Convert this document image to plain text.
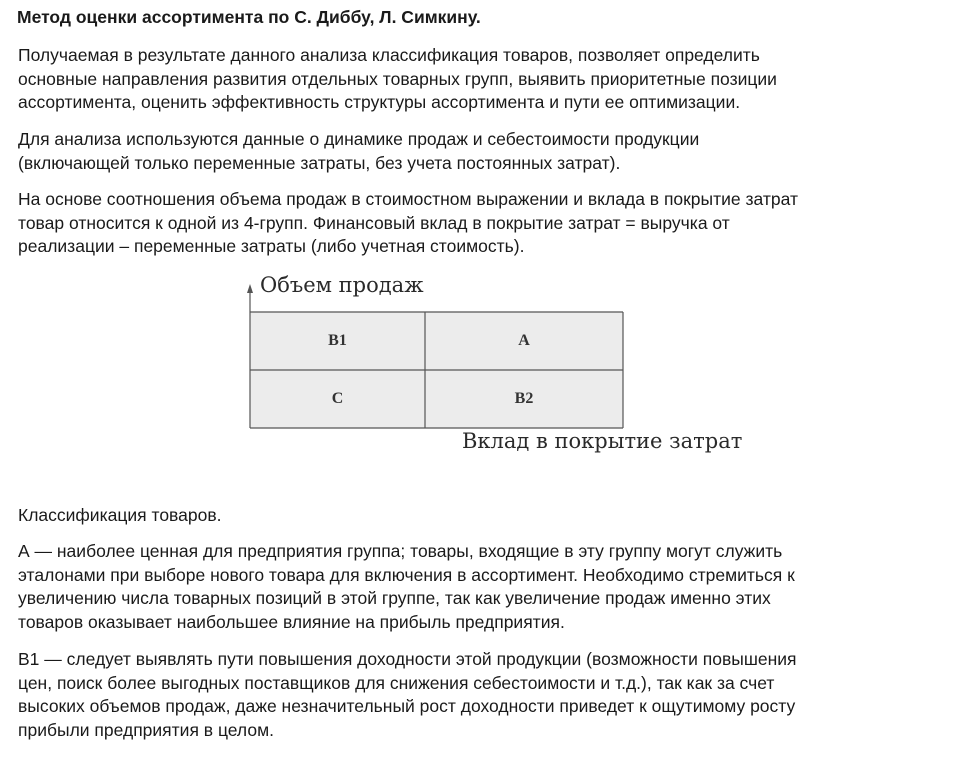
Метод оценки ассортимента по С. Диббу, Л. Симкину.

Получаемая в результате данного анализа классификация товаров, позволяет определить
основные направления развития отдельных товарных групп, выявить приоритетные позиции
ассортимента, оценить эффективность структуры ассортимента и пути ее оптимизации.

Для анализа используются данные о динамике продаж и себестоимости продукции
(включающей только переменные затраты, без учета постоянных затрат).

На основе соотношения объема продаж в стоимостном выражении и вклада в покрытие затрат
товар относится к одной из 4-групп. Финансовый вклад в покрытие затрат = выручка от
реализации – переменные затраты (либо учетная стоимость).

Объем продаж
Вклад в покрытие затрат
B1	A
C	B2

Классификация товаров.

А — наиболее ценная для предприятия группа; товары, входящие в эту группу могут служить
эталонами при выборе нового товара для включения в ассортимент. Необходимо стремиться к
увеличению числа товарных позиций в этой группе, так как увеличение продаж именно этих
товаров оказывает наибольшее влияние на прибыль предприятия.

В1 — следует выявлять пути повышения доходности этой продукции (возможности повышения
цен, поиск более выгодных поставщиков для снижения себестоимости и т.д.), так как за счет
высоких объемов продаж, даже незначительный рост доходности приведет к ощутимому росту
прибыли предприятия в целом.
